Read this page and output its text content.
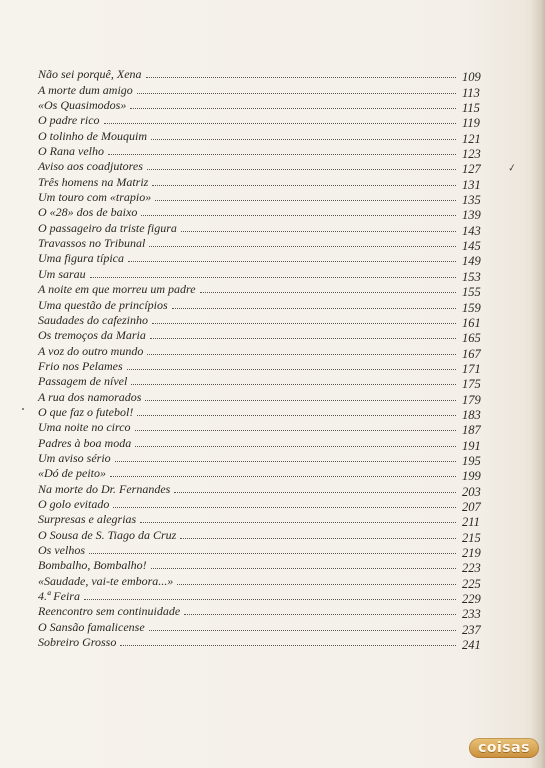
Não sei porquê, Xena	109
A morte dum amigo	113
«Os Quasimodos»	115
O padre rico	119
O tolinho de Mouquim	121
O Rana velho	123
Aviso aos coadjutores	127
Três homens na Matriz	131
Um touro com «trapio»	135
O «28» dos de baixo	139
O passageiro da triste figura	143
Travassos no Tribunal	145
Uma figura típica	149
Um sarau	153
A noite em que morreu um padre	155
Uma questão de princípios	159
Saudades do cafezinho	161
Os tremoços da Maria	165
A voz do outro mundo	167
Frio nos Pelames	171
Passagem de nível	175
A rua dos namorados	179
O que faz o futebol!	183
Uma noite no circo	187
Padres à boa moda	191
Um aviso sério	195
«Dó de peito»	199
Na morte do Dr. Fernandes	203
O golo evitado	207
Surpresas e alegrias	211
O Sousa de S. Tiago da Cruz	215
Os velhos	219
Bombalho, Bombalho!	223
«Saudade, vai-te embora...»	225
4.ª Feira	229
Reencontro sem continuidade	233
O Sansão famalicense	237
Sobreiro Grosso	241
✓
coisas
